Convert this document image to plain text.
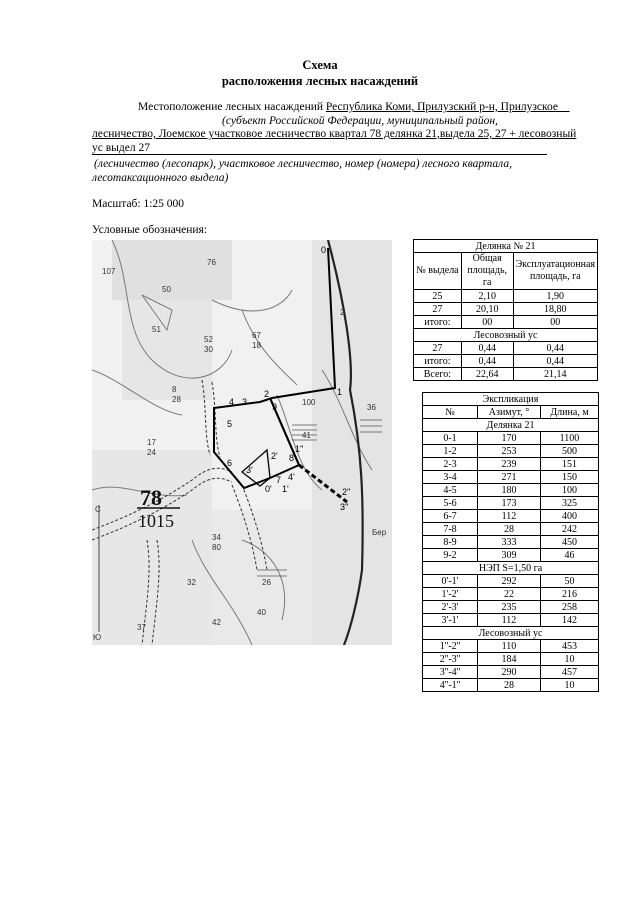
Схема
расположения лесных насаждений
Местоположение лесных насаждений Республика Коми, Прилузский р-н, Прилузское
(субъект Российской Федерации, муниципальный район,
лесничество, Лоемское участковое лесничество квартал 78 делянка 21,выдела 25, 27 + лесовозный
ус выдел 27
(лесничество (лесопарк), участковое лесничество, номер (номера) лесного квартала,
лесотаксационного выдела)
Масштаб: 1:25 000
Условные обозначения:
0
1
2
3
4
5
6
7
8
9
2'
3'
4'
0' 1'
1''
2''
3''
107
76
50
51
52
30
67
18
8
28
17
24
34
80
26
42
37
40
32
2
100
36
41
78
1015
С
Ю
Бер
Делянка № 21		
№ выдела	Общая площадь, га	Эксплуатационная площадь, га
25	2,10	1,90
27	20,10	18,80
итого:	00	00
Лесовозный ус		
27	0,44	0,44
итого:	0,44	0,44
Всего:	22,64	21,14
Экспликация		
№	Азимут, °	Длина, м
Делянка 21		
0-1	170	1100
1-2	253	500
2-3	239	151
3-4	271	150
4-5	180	100
5-6	173	325
6-7	112	400
7-8	28	242
8-9	333	450
9-2	309	46
НЭП S=1,50 га		
0'-1'	292	50
1'-2'	22	216
2'-3'	235	258
3'-1'	112	142
Лесовозный ус		
1''-2''	110	453
2''-3''	184	10
3''-4''	290	457
4''-1''	28	10
